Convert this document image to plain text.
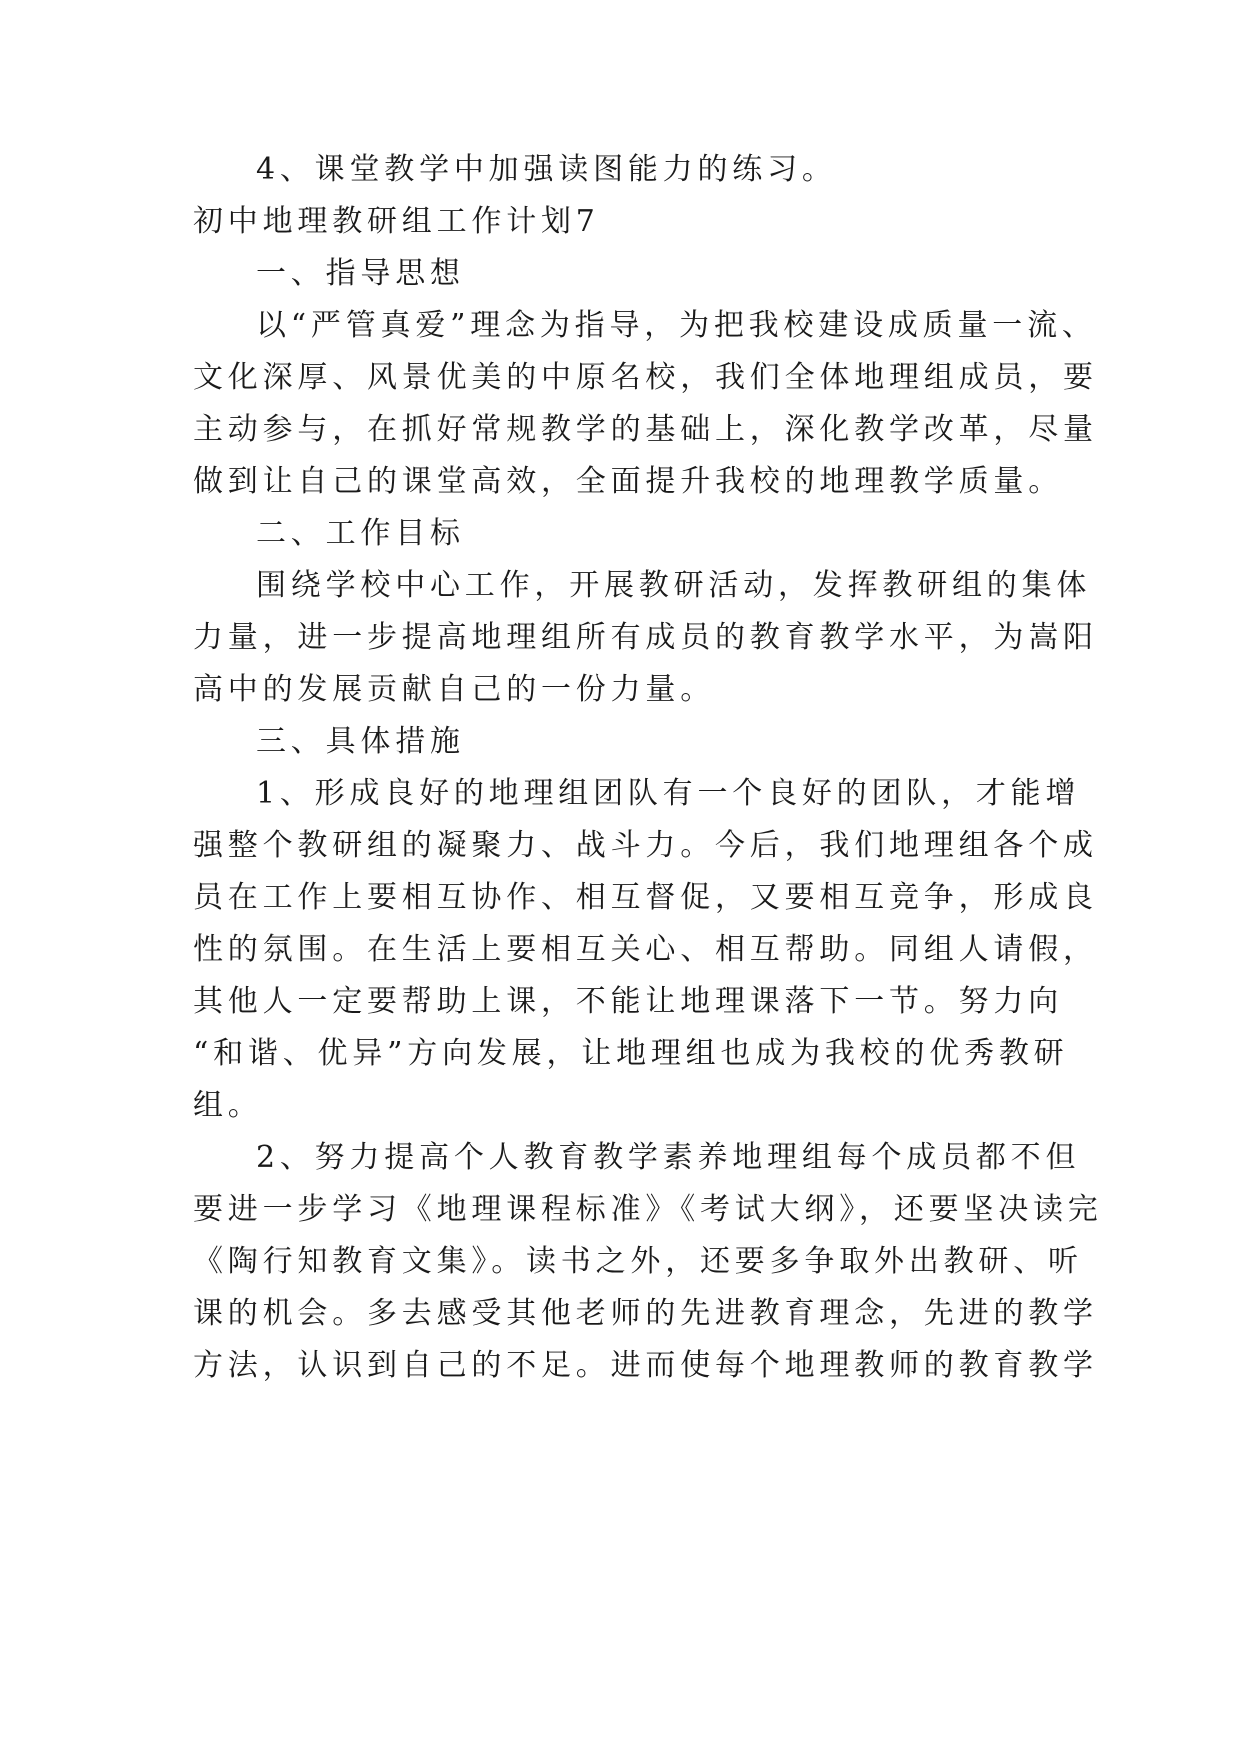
4、课堂教学中加强读图能力的练习。
初中地理教研组工作计划7
一、指导思想
以“严管真爱”理念为指导，为把我校建设成质量一流、
文化深厚、风景优美的中原名校，我们全体地理组成员，要
主动参与，在抓好常规教学的基础上，深化教学改革，尽量
做到让自己的课堂高效，全面提升我校的地理教学质量。
二、工作目标
围绕学校中心工作，开展教研活动，发挥教研组的集体
力量，进一步提高地理组所有成员的教育教学水平，为嵩阳
高中的发展贡献自己的一份力量。
三、具体措施
1、形成良好的地理组团队有一个良好的团队，才能增
强整个教研组的凝聚力、战斗力。今后，我们地理组各个成
员在工作上要相互协作、相互督促，又要相互竞争，形成良
性的氛围。在生活上要相互关心、相互帮助。同组人请假，
其他人一定要帮助上课，不能让地理课落下一节。努力向
“和谐、优异”方向发展，让地理组也成为我校的优秀教研
组。
2、努力提高个人教育教学素养地理组每个成员都不但
要进一步学习《地理课程标准》《考试大纲》，还要坚决读完
《陶行知教育文集》。读书之外，还要多争取外出教研、听
课的机会。多去感受其他老师的先进教育理念，先进的教学
方法，认识到自己的不足。进而使每个地理教师的教育教学
